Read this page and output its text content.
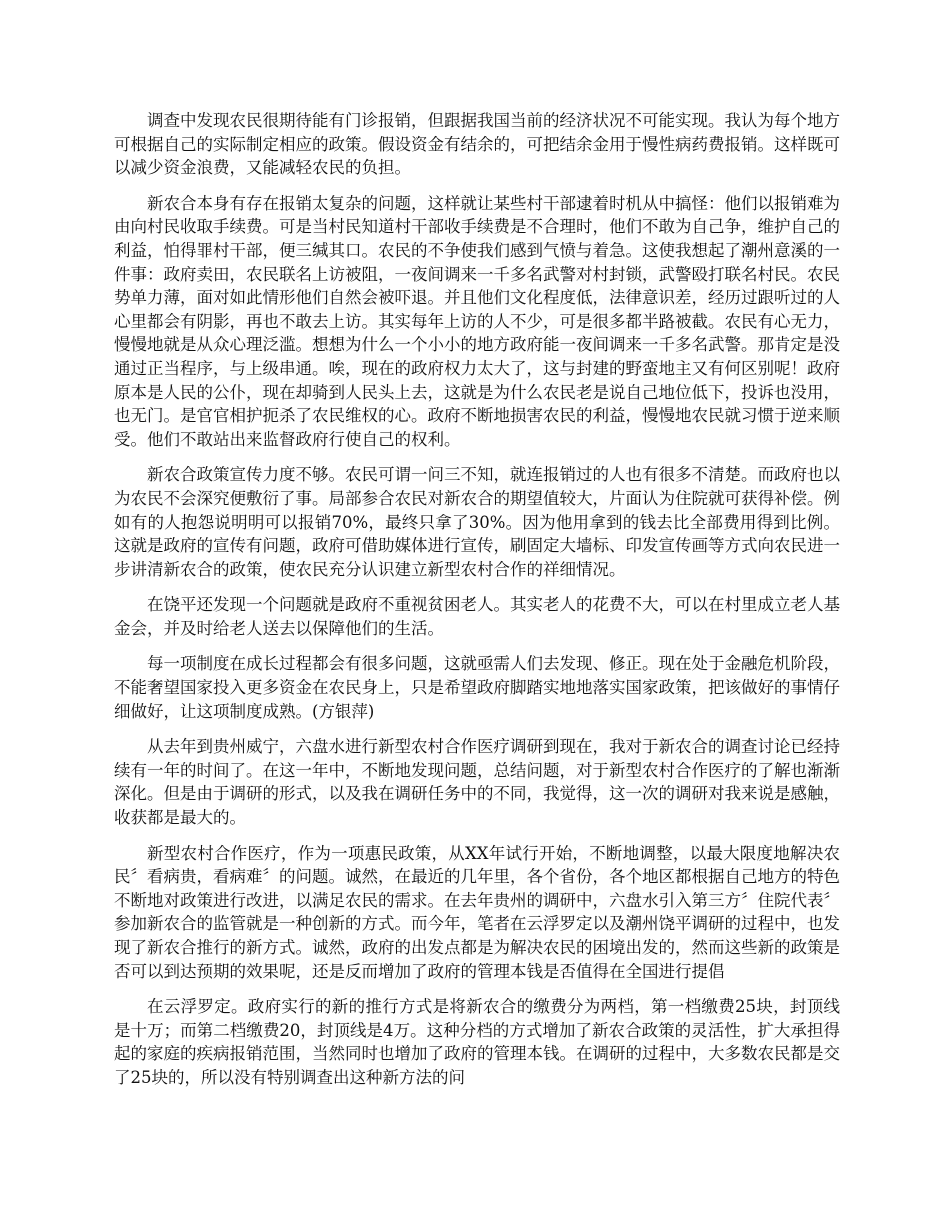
调查中发现农民很期待能有门诊报销，但跟据我国当前的经济状况不可能实现。我认为每个地方可根据自己的实际制定相应的政策。假设资金有结余的，可把结余金用于慢性病药费报销。这样既可以减少资金浪费，又能减轻农民的负担。

新农合本身有存在报销太复杂的问题，这样就让某些村干部逮着时机从中搞怪：他们以报销难为由向村民收取手续费。可是当村民知道村干部收手续费是不合理时，他们不敢为自己争，维护自己的利益，怕得罪村干部，便三缄其口。农民的不争使我们感到气愤与着急。这使我想起了潮州意溪的一件事：政府卖田，农民联名上访被阻，一夜间调来一千多名武警对村封锁，武警殴打联名村民。农民势单力薄，面对如此情形他们自然会被吓退。并且他们文化程度低，法律意识差，经历过跟听过的人心里都会有阴影，再也不敢去上访。其实每年上访的人不少，可是很多都半路被截。农民有心无力，慢慢地就是从众心理泛滥。想想为什么一个小小的地方政府能一夜间调来一千多名武警。那肯定是没通过正当程序，与上级串通。唉，现在的政府权力太大了，这与封建的野蛮地主又有何区别呢！政府原本是人民的公仆，现在却骑到人民头上去，这就是为什么农民老是说自己地位低下，投诉也没用，也无门。是官官相护扼杀了农民维权的心。政府不断地损害农民的利益，慢慢地农民就习惯于逆来顺受。他们不敢站出来监督政府行使自己的权利。

新农合政策宣传力度不够。农民可谓一问三不知，就连报销过的人也有很多不清楚。而政府也以为农民不会深究便敷衍了事。局部参合农民对新农合的期望值较大，片面认为住院就可获得补偿。例如有的人抱怨说明明可以报销70%，最终只拿了30%。因为他用拿到的钱去比全部费用得到比例。这就是政府的宣传有问题，政府可借助媒体进行宣传，刷固定大墙标、印发宣传画等方式向农民进一步讲清新农合的政策，使农民充分认识建立新型农村合作的祥细情况。

在饶平还发现一个问题就是政府不重视贫困老人。其实老人的花费不大，可以在村里成立老人基金会，并及时给老人送去以保障他们的生活。

每一项制度在成长过程都会有很多问题，这就亟需人们去发现、修正。现在处于金融危机阶段，不能奢望国家投入更多资金在农民身上，只是希望政府脚踏实地地落实国家政策，把该做好的事情仔细做好，让这项制度成熟。(方银萍)

从去年到贵州威宁，六盘水进行新型农村合作医疗调研到现在，我对于新农合的调查讨论已经持续有一年的时间了。在这一年中，不断地发现问题，总结问题，对于新型农村合作医疗的了解也渐渐深化。但是由于调研的形式，以及我在调研任务中的不同，我觉得，这一次的调研对我来说是感触，收获都是最大的。

新型农村合作医疗，作为一项惠民政策，从XX年试行开始，不断地调整，以最大限度地解决农民〞看病贵，看病难〞的问题。诚然，在最近的几年里，各个省份，各个地区都根据自己地方的特色不断地对政策进行改进，以满足农民的需求。在去年贵州的调研中，六盘水引入第三方〞住院代表〞参加新农合的监管就是一种创新的方式。而今年，笔者在云浮罗定以及潮州饶平调研的过程中，也发现了新农合推行的新方式。诚然，政府的出发点都是为解决农民的困境出发的，然而这些新的政策是否可以到达预期的效果呢，还是反而增加了政府的管理本钱是否值得在全国进行提倡

在云浮罗定。政府实行的新的推行方式是将新农合的缴费分为两档，第一档缴费25块，封顶线是十万；而第二档缴费20，封顶线是4万。这种分档的方式增加了新农合政策的灵活性，扩大承担得起的家庭的疾病报销范围，当然同时也增加了政府的管理本钱。在调研的过程中，大多数农民都是交了25块的，所以没有特别调查出这种新方法的问
